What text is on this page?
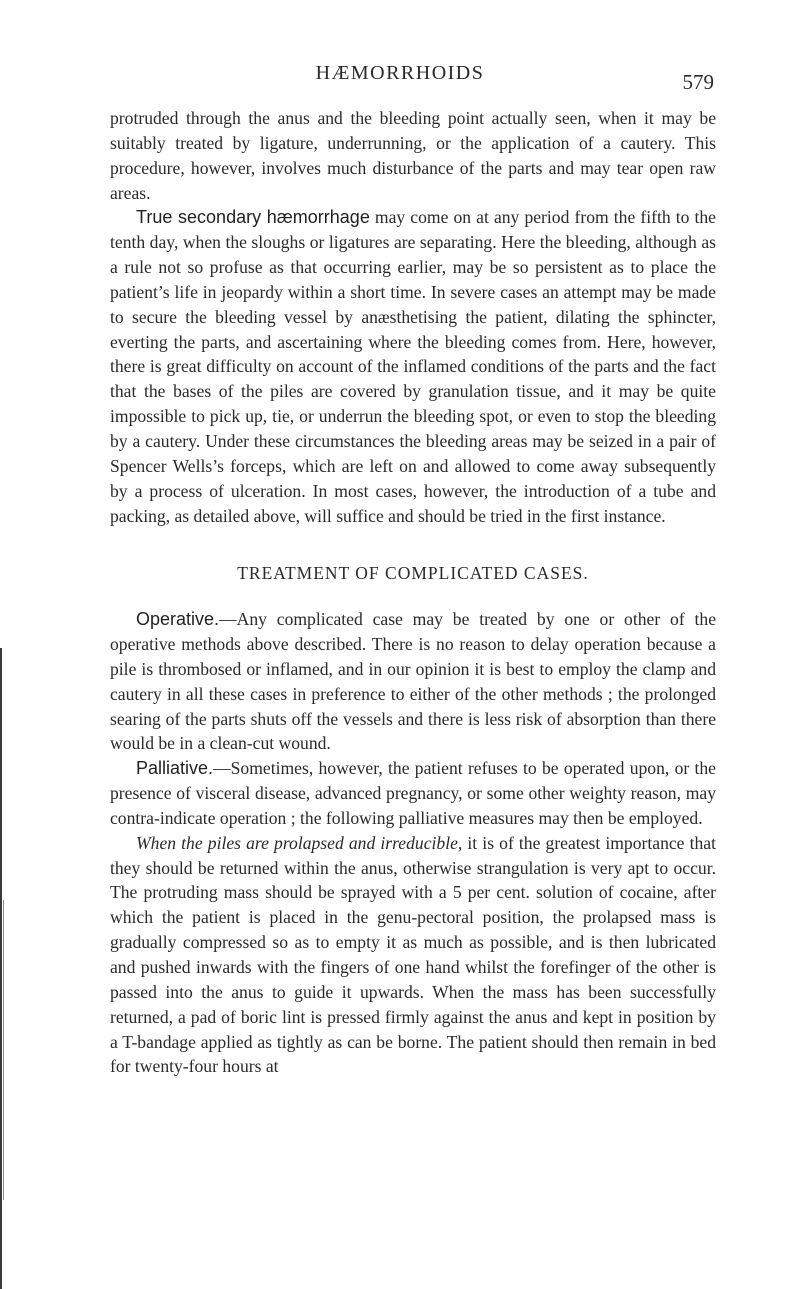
HÆMORRHOIDS	579

protruded through the anus and the bleeding point actually seen, when it may be suitably treated by ligature, underrunning, or the application of a cautery. This procedure, however, involves much disturbance of the parts and may tear open raw areas.

True secondary hæmorrhage may come on at any period from the fifth to the tenth day, when the sloughs or ligatures are separating. Here the bleeding, although as a rule not so profuse as that occurring earlier, may be so persistent as to place the patient’s life in jeopardy within a short time. In severe cases an attempt may be made to secure the bleeding vessel by anæsthetising the patient, dilating the sphincter, everting the parts, and ascertaining where the bleeding comes from. Here, however, there is great difficulty on account of the inflamed conditions of the parts and the fact that the bases of the piles are covered by granulation tissue, and it may be quite impossible to pick up, tie, or underrun the bleeding spot, or even to stop the bleeding by a cautery. Under these circumstances the bleeding areas may be seized in a pair of Spencer Wells’s forceps, which are left on and allowed to come away subsequently by a process of ulceration. In most cases, however, the introduction of a tube and packing, as detailed above, will suffice and should be tried in the first instance.

TREATMENT OF COMPLICATED CASES.

Operative.—Any complicated case may be treated by one or other of the operative methods above described. There is no reason to delay operation because a pile is thrombosed or inflamed, and in our opinion it is best to employ the clamp and cautery in all these cases in preference to either of the other methods ; the prolonged searing of the parts shuts off the vessels and there is less risk of absorption than there would be in a clean-cut wound.

Palliative.—Sometimes, however, the patient refuses to be operated upon, or the presence of visceral disease, advanced pregnancy, or some other weighty reason, may contra-indicate operation ; the following palliative measures may then be employed.

When the piles are prolapsed and irreducible, it is of the greatest importance that they should be returned within the anus, otherwise strangulation is very apt to occur. The protruding mass should be sprayed with a 5 per cent. solution of cocaine, after which the patient is placed in the genu-pectoral position, the prolapsed mass is gradually compressed so as to empty it as much as possible, and is then lubricated and pushed inwards with the fingers of one hand whilst the forefinger of the other is passed into the anus to guide it upwards. When the mass has been successfully returned, a pad of boric lint is pressed firmly against the anus and kept in position by a T-bandage applied as tightly as can be borne. The patient should then remain in bed for twenty-four hours at
